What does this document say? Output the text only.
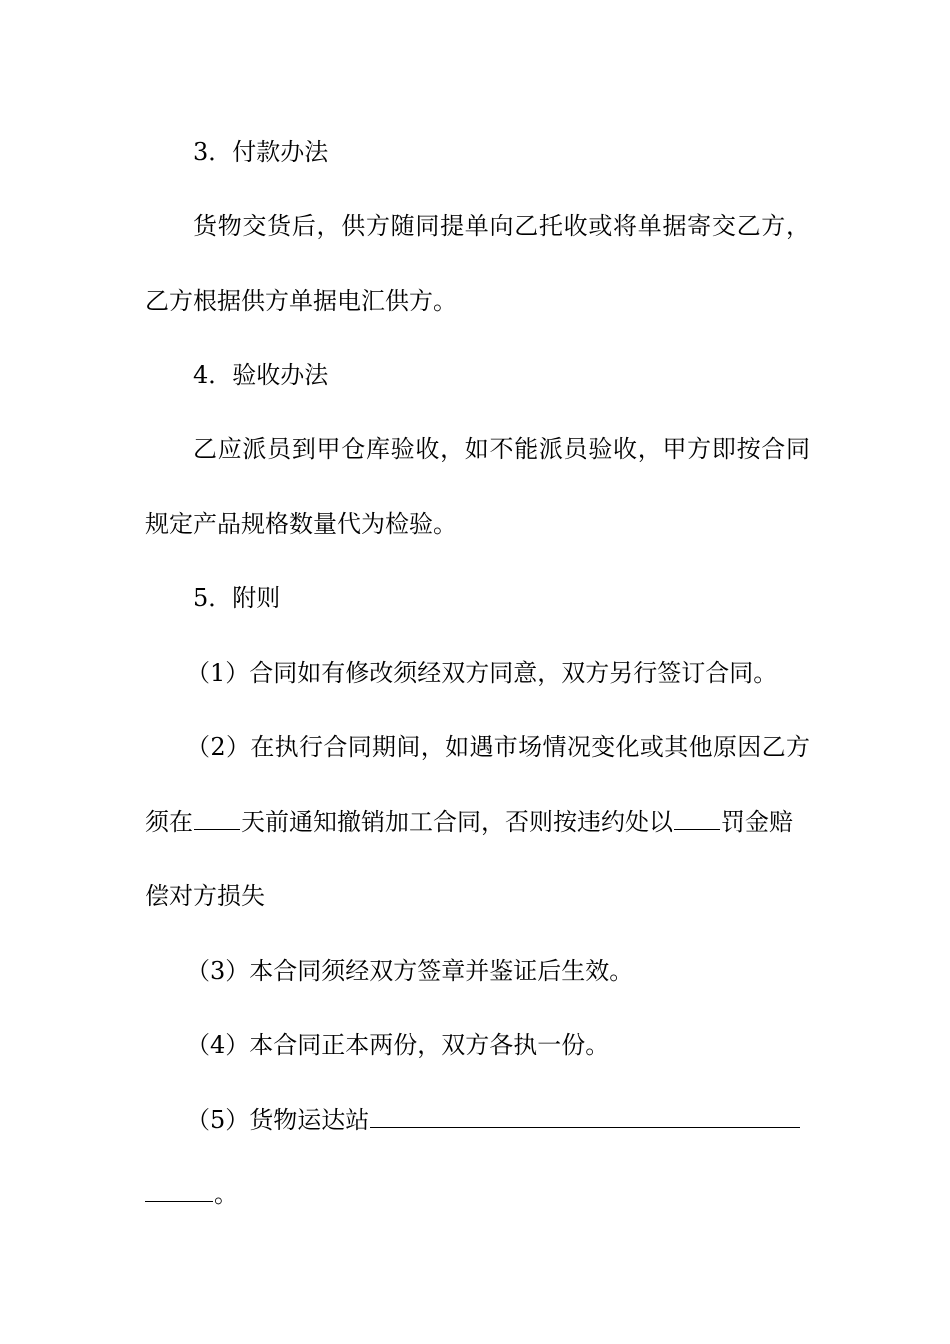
3．付款办法
货物交货后，供方随同提单向乙托收或将单据寄交乙方，
乙方根据供方单据电汇供方。
4．验收办法
乙应派员到甲仓库验收，如不能派员验收，甲方即按合同
规定产品规格数量代为检验。
5．附则
（1）合同如有修改须经双方同意，双方另行签订合同。
（2）在执行合同期间，如遇市场情况变化或其他原因乙方
须在 天前通知撤销加工合同，否则按违约处以 罚金赔
偿对方损失
（3）本合同须经双方签章并鉴证后生效。
（4）本合同正本两份，双方各执一份。
（5）货物运达站
。
